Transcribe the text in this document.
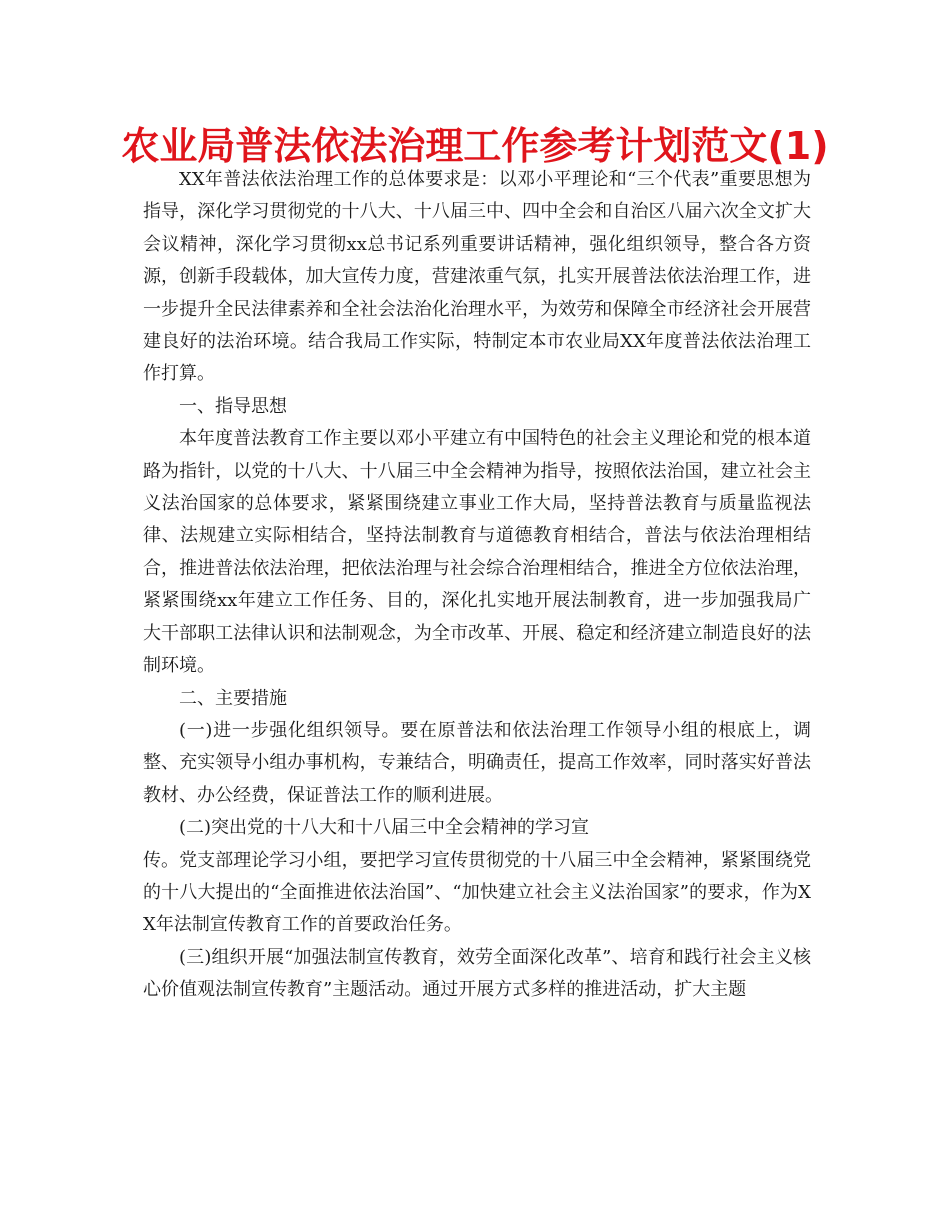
农业局普法依法治理工作参考计划范文(1)

XX年普法依法治理工作的总体要求是：以邓小平理论和“三个代表”重要思想为指导，深化学习贯彻党的十八大、十八届三中、四中全会和自治区八届六次全文扩大会议精神，深化学习贯彻xx总书记系列重要讲话精神，强化组织领导，整合各方资源，创新手段载体，加大宣传力度，营建浓重气氛，扎实开展普法依法治理工作，进一步提升全民法律素养和全社会法治化治理水平，为效劳和保障全市经济社会开展营建良好的法治环境。结合我局工作实际，特制定本市农业局XX年度普法依法治理工作打算。

一、指导思想

本年度普法教育工作主要以邓小平建立有中国特色的社会主义理论和党的根本道路为指针，以党的十八大、十八届三中全会精神为指导，按照依法治国，建立社会主义法治国家的总体要求，紧紧围绕建立事业工作大局，坚持普法教育与质量监视法律、法规建立实际相结合，坚持法制教育与道德教育相结合，普法与依法治理相结合，推进普法依法治理，把依法治理与社会综合治理相结合，推进全方位依法治理，紧紧围绕xx年建立工作任务、目的，深化扎实地开展法制教育，进一步加强我局广大干部职工法律认识和法制观念，为全市改革、开展、稳定和经济建立制造良好的法制环境。

二、主要措施

(一)进一步强化组织领导。要在原普法和依法治理工作领导小组的根底上，调整、充实领导小组办事机构，专兼结合，明确责任，提高工作效率，同时落实好普法教材、办公经费，保证普法工作的顺利进展。

(二)突出党的十八大和十八届三中全会精神的学习宣

传。党支部理论学习小组，要把学习宣传贯彻党的十八届三中全会精神，紧紧围绕党的十八大提出的“全面推进依法治国”、“加快建立社会主义法治国家”的要求，作为XX年法制宣传教育工作的首要政治任务。

(三)组织开展“加强法制宣传教育，效劳全面深化改革”、培育和践行社会主义核心价值观法制宣传教育”主题活动。通过开展方式多样的推进活动，扩大主题
